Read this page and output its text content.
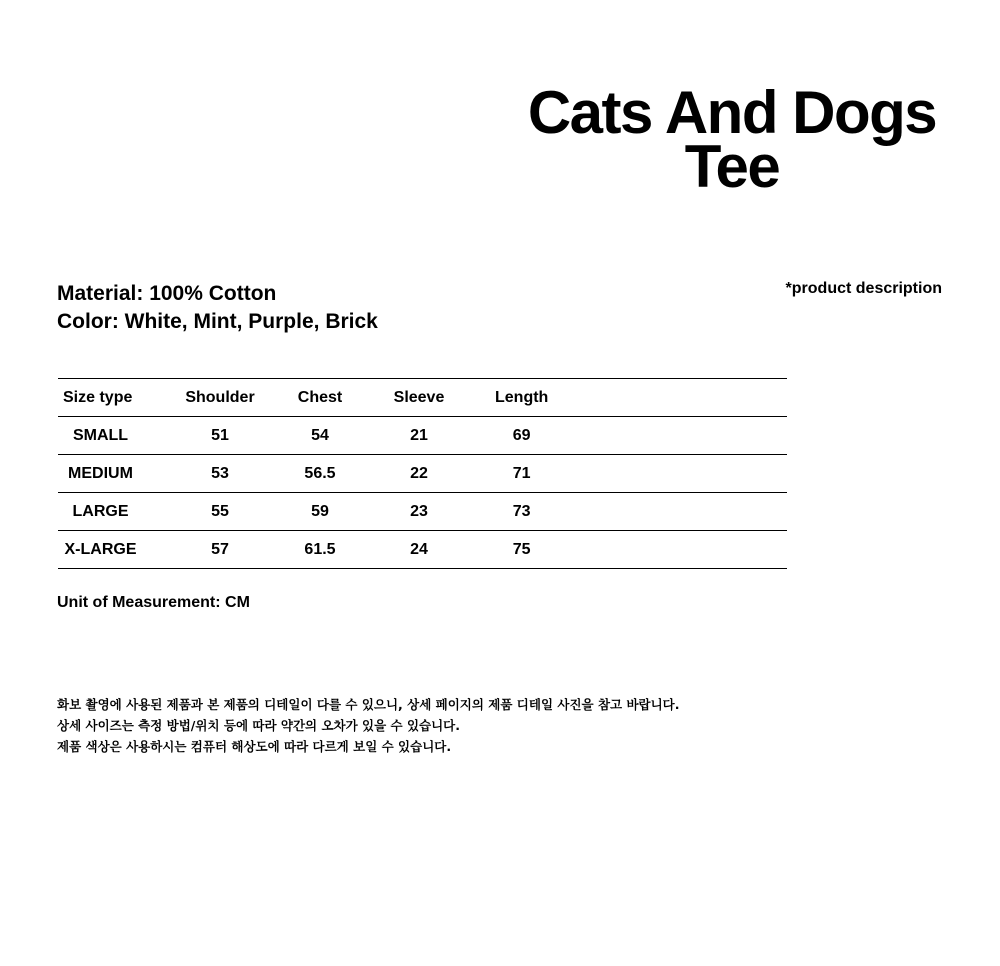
Cats And Dogs
Tee
*product description
Material: 100% Cotton
Color: White, Mint, Purple, Brick
Size type	Shoulder	Chest	Sleeve	Length	
SMALL	51	54	21	69	
MEDIUM	53	56.5	22	71	
LARGE	55	59	23	73	
X-LARGE	57	61.5	24	75	
Unit of Measurement: CM
화보 촬영에 사용된 제품과 본 제품의 디테일이 다를 수 있으니, 상세 페이지의 제품 디테일 사진을 참고 바랍니다.
상세 사이즈는 측정 방법/위치 등에 따라 약간의 오차가 있을 수 있습니다.
제품 색상은 사용하시는 컴퓨터 해상도에 따라 다르게 보일 수 있습니다.
